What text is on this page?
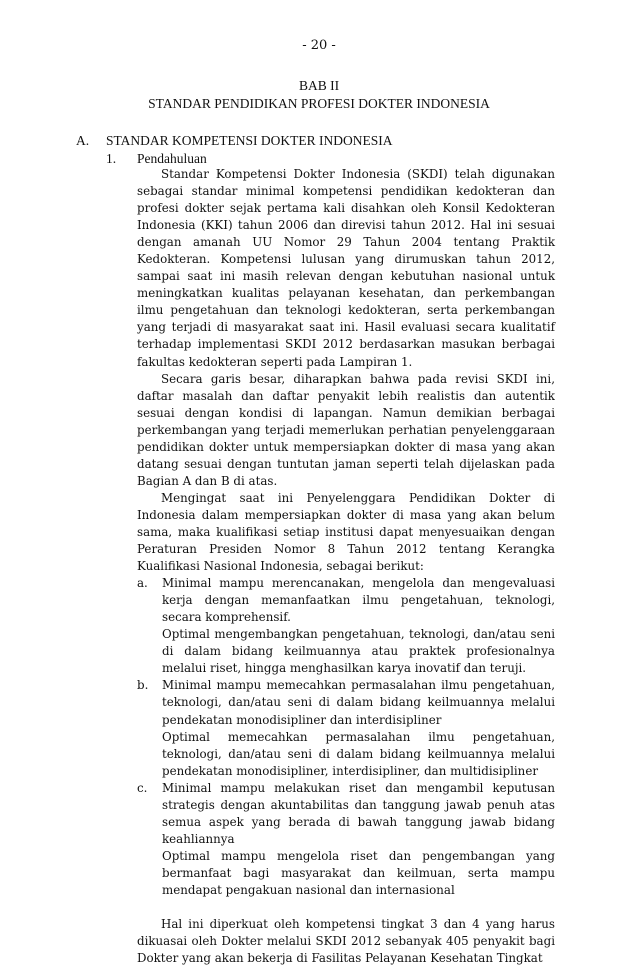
- 20 -
BAB II
STANDAR PENDIDIKAN PROFESI DOKTER INDONESIA
A. STANDAR KOMPETENSI DOKTER INDONESIA
1. Pendahuluan

Standar Kompetensi Dokter Indonesia (SKDI) telah digunakan sebagai standar minimal kompetensi pendidikan kedokteran dan profesi dokter sejak pertama kali disahkan oleh Konsil Kedokteran Indonesia (KKI) tahun 2006 dan direvisi tahun 2012. Hal ini sesuai dengan amanah UU Nomor 29 Tahun 2004 tentang Praktik Kedokteran. Kompetensi lulusan yang dirumuskan tahun 2012, sampai saat ini masih relevan dengan kebutuhan nasional untuk meningkatkan kualitas pelayanan kesehatan, dan perkembangan ilmu pengetahuan dan teknologi kedokteran, serta perkembangan yang terjadi di masyarakat saat ini. Hasil evaluasi secara kualitatif terhadap implementasi SKDI 2012 berdasarkan masukan berbagai fakultas kedokteran seperti pada Lampiran 1.

Secara garis besar, diharapkan bahwa pada revisi SKDI ini, daftar masalah dan daftar penyakit lebih realistis dan autentik sesuai dengan kondisi di lapangan. Namun demikian berbagai perkembangan yang terjadi memerlukan perhatian penyelenggaraan pendidikan dokter untuk mempersiapkan dokter di masa yang akan datang sesuai dengan tuntutan jaman seperti telah dijelaskan pada Bagian A dan B di atas.

Mengingat saat ini Penyelenggara Pendidikan Dokter di Indonesia dalam mempersiapkan dokter di masa yang akan belum sama, maka kualifikasi setiap institusi dapat menyesuaikan dengan Peraturan Presiden Nomor 8 Tahun 2012 tentang Kerangka Kualifikasi Nasional Indonesia, sebagai berikut:

a. Minimal mampu merencanakan, mengelola dan mengevaluasi kerja dengan memanfaatkan ilmu pengetahuan, teknologi, secara komprehensif.

Optimal mengembangkan pengetahuan, teknologi, dan/atau seni di dalam bidang keilmuannya atau praktek profesionalnya melalui riset, hingga menghasilkan karya inovatif dan teruji.

b. Minimal mampu memecahkan permasalahan ilmu pengetahuan, teknologi, dan/atau seni di dalam bidang keilmuannya melalui pendekatan monodisipliner dan interdisipliner

Optimal memecahkan permasalahan ilmu pengetahuan, teknologi, dan/atau seni di dalam bidang keilmuannya melalui pendekatan monodisipliner, interdisipliner, dan multidisipliner

c. Minimal mampu melakukan riset dan mengambil keputusan strategis dengan akuntabilitas dan tanggung jawab penuh atas semua aspek yang berada di bawah tanggung jawab bidang keahliannya

Optimal mampu mengelola riset dan pengembangan yang bermanfaat bagi masyarakat dan keilmuan, serta mampu mendapat pengakuan nasional dan internasional

Hal ini diperkuat oleh kompetensi tingkat 3 dan 4 yang harus dikuasai oleh Dokter melalui SKDI 2012 sebanyak 405 penyakit bagi Dokter yang akan bekerja di Fasilitas Pelayanan Kesehatan Tingkat
